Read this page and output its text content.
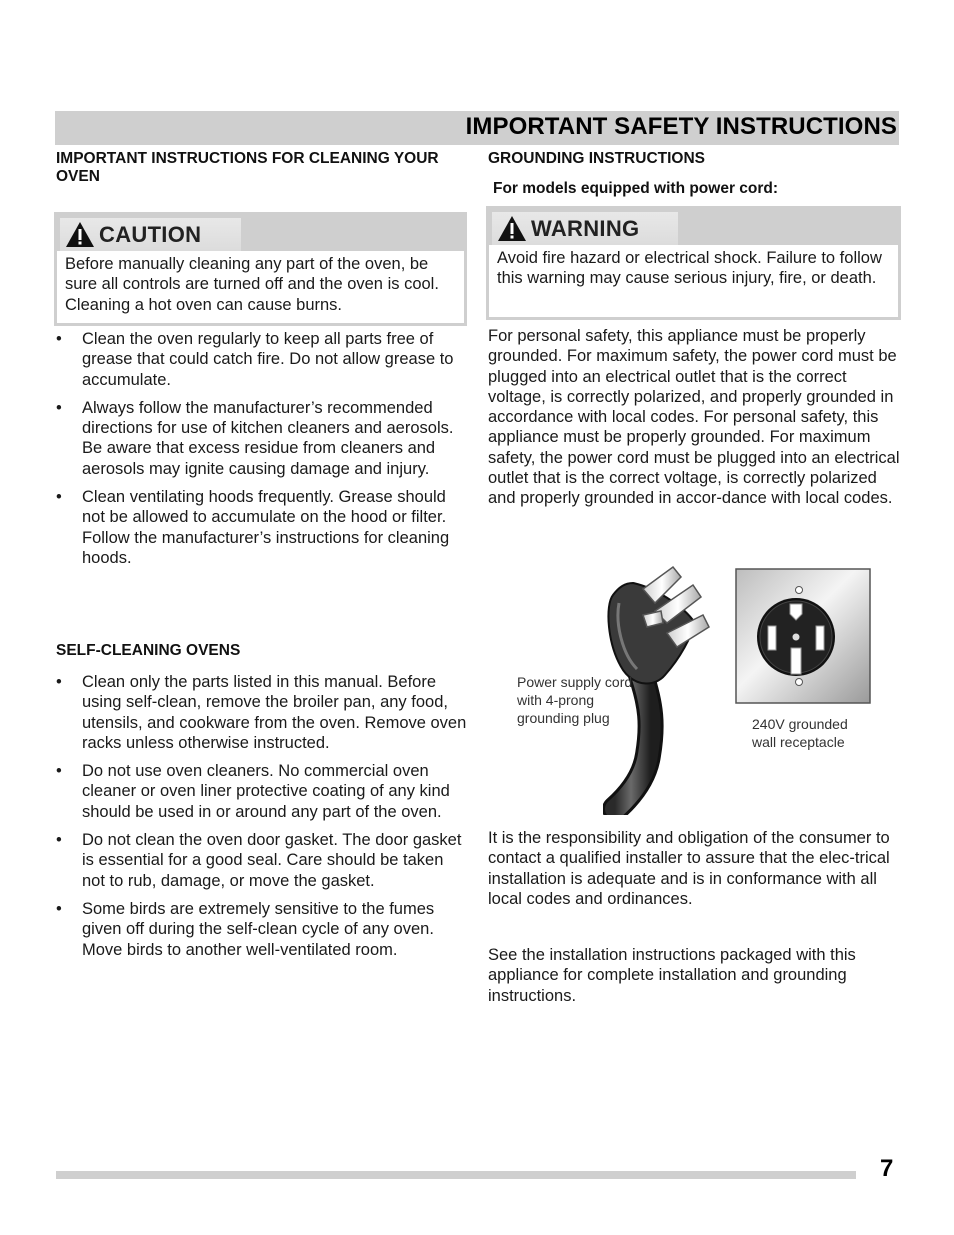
IMPORTANT SAFETY INSTRUCTIONS

IMPORTANT INSTRUCTIONS FOR CLEANING YOUR OVEN

CAUTION
Before manually cleaning any part of the oven, be sure all controls are turned off and the oven is cool. Cleaning a hot oven can cause burns.
• Clean the oven regularly to keep all parts free of grease that could catch fire. Do not allow grease to accumulate.
• Always follow the manufacturer’s recommended directions for use of kitchen cleaners and aerosols. Be aware that excess residue from cleaners and aerosols may ignite causing damage and injury.
• Clean ventilating hoods frequently. Grease should not be allowed to accumulate on the hood or filter. Follow the manufacturer’s instructions for cleaning hoods.

SELF-CLEANING OVENS

• Clean only the parts listed in this manual. Before using self-clean, remove the broiler pan, any food, utensils, and cookware from the oven. Remove oven racks unless otherwise instructed.
• Do not use oven cleaners. No commercial oven cleaner or oven liner protective coating of any kind should be used in or around any part of the oven.
• Do not clean the oven door gasket. The door gasket is essential for a good seal. Care should be taken not to rub, damage, or move the gasket.
• Some birds are extremely sensitive to the fumes given off during the self-clean cycle of any oven. Move birds to another well-ventilated room.

GROUNDING INSTRUCTIONS

For models equipped with power cord:

WARNING
Avoid fire hazard or electrical shock. Failure to follow this warning may cause serious injury, fire, or death.

For personal safety, this appliance must be properly grounded. For maximum safety, the power cord must be plugged into an electrical outlet that is the correct voltage, is correctly polarized, and properly grounded in accordance with local codes. For personal safety, this appliance must be properly grounded. For maximum safety, the power cord must be plugged into an electrical outlet that is the correct voltage, is correctly polarized and properly grounded in accor-dance with local codes.

Power supply cord with 4-prong grounding plug	240V grounded wall receptacle

It is the responsibility and obligation of the consumer to contact a qualified installer to assure that the elec-trical installation is adequate and is in conformance with all local codes and ordinances.

See the installation instructions packaged with this appliance for complete installation and grounding instructions.

7
